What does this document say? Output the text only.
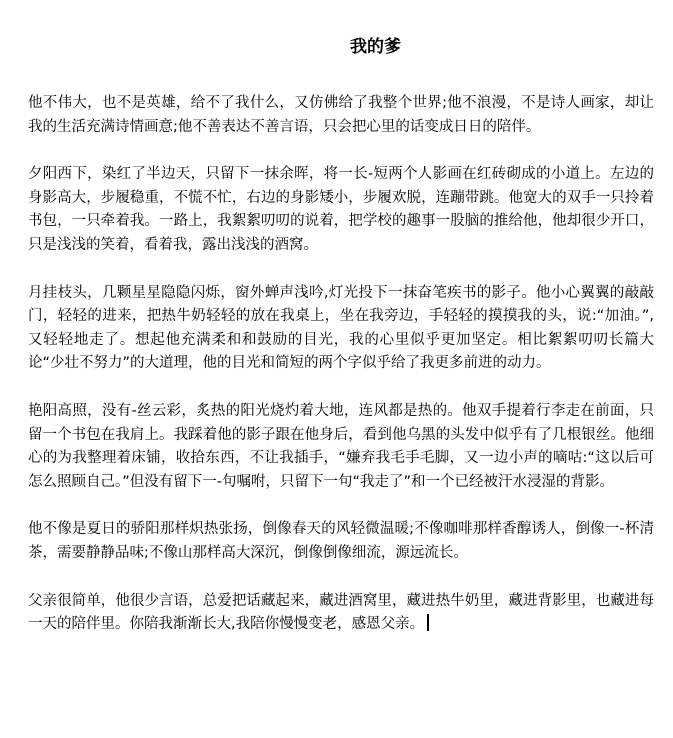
我的爹

他不伟大，也不是英雄，给不了我什么，又仿佛给了我整个世界;他不浪漫，不是诗人画家，却让我的生活充满诗情画意;他不善表达不善言语，只会把心里的话变成日日的陪伴。

夕阳西下，染红了半边天，只留下一抹余晖，将一长-短两个人影画在红砖砌成的小道上。左边的身影高大，步履稳重，不慌不忙，右边的身影矮小，步履欢脱，连蹦带跳。他宽大的双手一只拎着书包，一只牵着我。一路上，我絮絮叨叨的说着，把学校的趣事一股脑的推给他，他却很少开口，只是浅浅的笑着，看着我，露出浅浅的酒窝。

月挂枝头，几颗星星隐隐闪烁，窗外蝉声浅吟,灯光投下一抹奋笔疾书的影子。他小心翼翼的敲敲门，轻轻的进来，把热牛奶轻轻的放在我桌上，坐在我旁边，手轻轻的摸摸我的头，说:“加油。”,又轻轻地走了。想起他充满柔和和鼓励的目光，我的心里似乎更加坚定。相比絮絮叨叨长篇大论“少壮不努力”的大道理，他的目光和简短的两个字似乎给了我更多前进的动力。

艳阳高照，没有-丝云彩，炙热的阳光烧灼着大地，连风都是热的。他双手提着行李走在前面，只留一个书包在我肩上。我踩着他的影子跟在他身后，看到他乌黑的头发中似乎有了几根银丝。他细心的为我整理着床铺，收拾东西，不让我插手，“嫌弃我毛手毛脚，又一边小声的嘀咕:“这以后可怎么照顾自己。”但没有留下一-句嘱咐，只留下一句“我走了”和一个已经被汗水浸湿的背影。

他不像是夏日的骄阳那样炽热张扬，倒像春天的风轻微温暖;不像咖啡那样香醇诱人，倒像一-杯清茶，需要静静品味;不像山那样高大深沉，倒像倒像细流，源远流长。

父亲很简单，他很少言语，总爱把话藏起来，藏进酒窝里，藏进热牛奶里，藏进背影里，也藏进每一天的陪伴里。你陪我渐渐长大,我陪你慢慢变老，感恩父亲。
